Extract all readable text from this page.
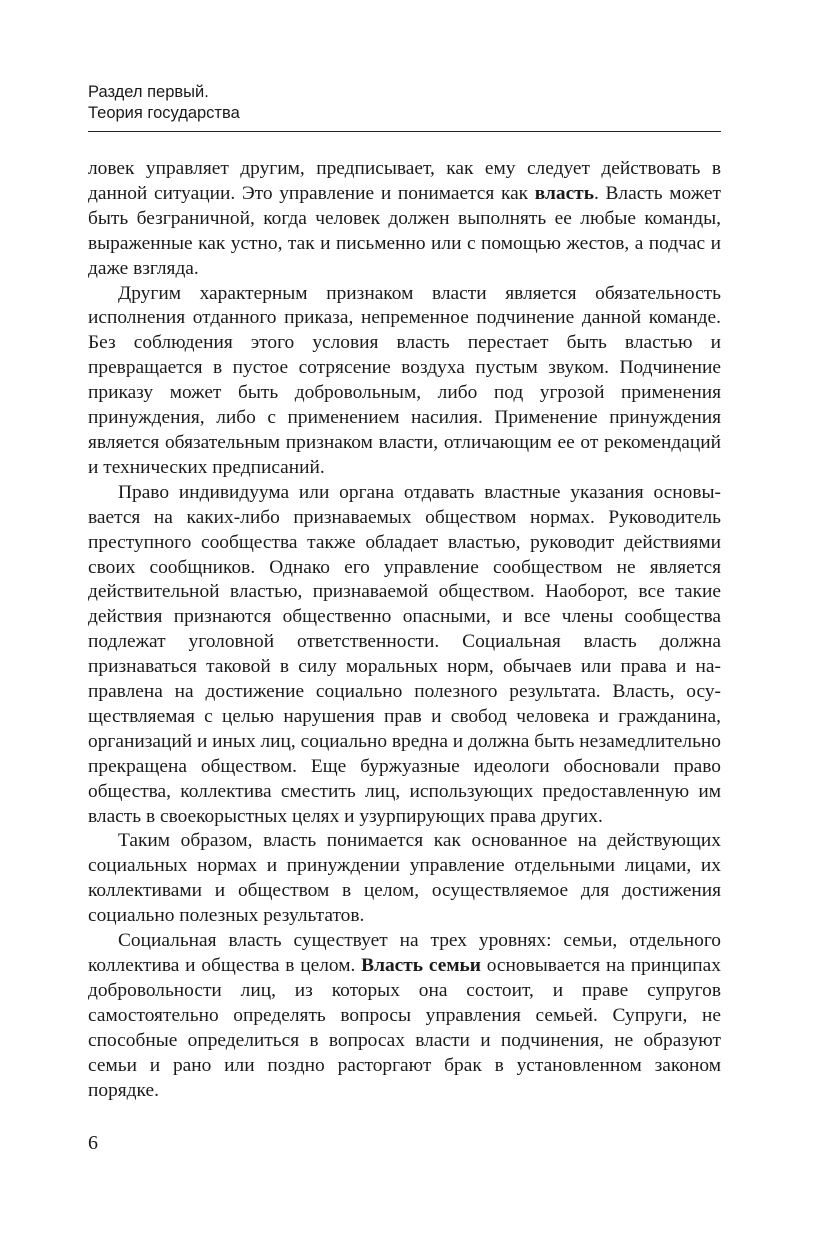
Раздел первый.
Теория государства

ловек управляет другим, предписывает, как ему следует действовать в данной ситуации. Это управление и понимается как власть. Власть может быть безграничной, когда человек должен выполнять ее любые команды, выраженные как устно, так и письменно или с помощью жестов, а подчас и даже взгляда.

Другим характерным признаком власти является обязательность исполнения отданного приказа, непременное подчинение данной команде. Без соблюдения этого условия власть перестает быть властью и превращается в пустое сотрясение воздуха пустым звуком. Подчинение приказу может быть добровольным, либо под угрозой применения принуждения, либо с применением насилия. Применение принуждения является обязательным признаком власти, отличающим ее от рекомендаций и технических предписаний.

Право индивидуума или органа отдавать властные указания основывается на каких-либо признаваемых обществом нормах. Руководитель преступного сообщества также обладает властью, руководит действиями своих сообщников. Однако его управление сообществом не является действительной властью, признаваемой обществом. Наоборот, все такие действия признаются общественно опасными, и все члены сообщества подлежат уголовной ответственности. Социальная власть должна признаваться таковой в силу моральных норм, обычаев или права и направлена на достижение социально полезного результата. Власть, осуществляемая с целью нарушения прав и свобод человека и гражданина, организаций и иных лиц, социально вредна и должна быть незамедлительно прекращена обществом. Еще буржуазные идеологи обосновали право общества, коллектива сместить лиц, использующих предоставленную им власть в своекорыстных целях и узурпирующих права других.

Таким образом, власть понимается как основанное на действующих социальных нормах и принуждении управление отдельными лицами, их коллективами и обществом в целом, осуществляемое для достижения социально полезных результатов.

Социальная власть существует на трех уровнях: семьи, отдельного коллектива и общества в целом. Власть семьи основывается на принципах добровольности лиц, из которых она состоит, и праве супругов самостоятельно определять вопросы управления семьей. Супруги, не способные определиться в вопросах власти и подчинения, не образуют семьи и рано или поздно расторгают брак в установленном законом порядке.

6
